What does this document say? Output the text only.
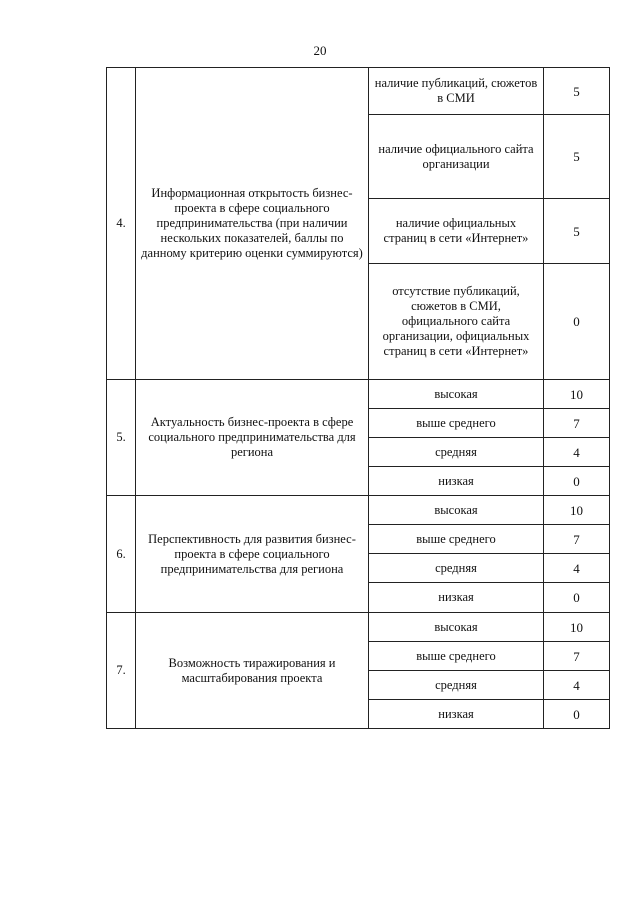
20
4.	Информационная открытость бизнес-проекта в сфере социального предпринимательства (при наличии нескольких показателей, баллы по данному критерию оценки суммируются)	наличие публикаций, сюжетов в СМИ	5
		наличие официального сайта организации	5
		наличие официальных страниц в сети «Интернет»	5
		отсутствие публикаций, сюжетов в СМИ, официального сайта организации, официальных страниц в сети «Интернет»	0
5.	Актуальность бизнес-проекта в сфере социального предпринимательства для региона	высокая	10
		выше среднего	7
		средняя	4
		низкая	0
6.	Перспективность для развития бизнес-проекта в сфере социального предпринимательства для региона	высокая	10
		выше среднего	7
		средняя	4
		низкая	0
7.	Возможность тиражирования и масштабирования проекта	высокая	10
		выше среднего	7
		средняя	4
		низкая	0
